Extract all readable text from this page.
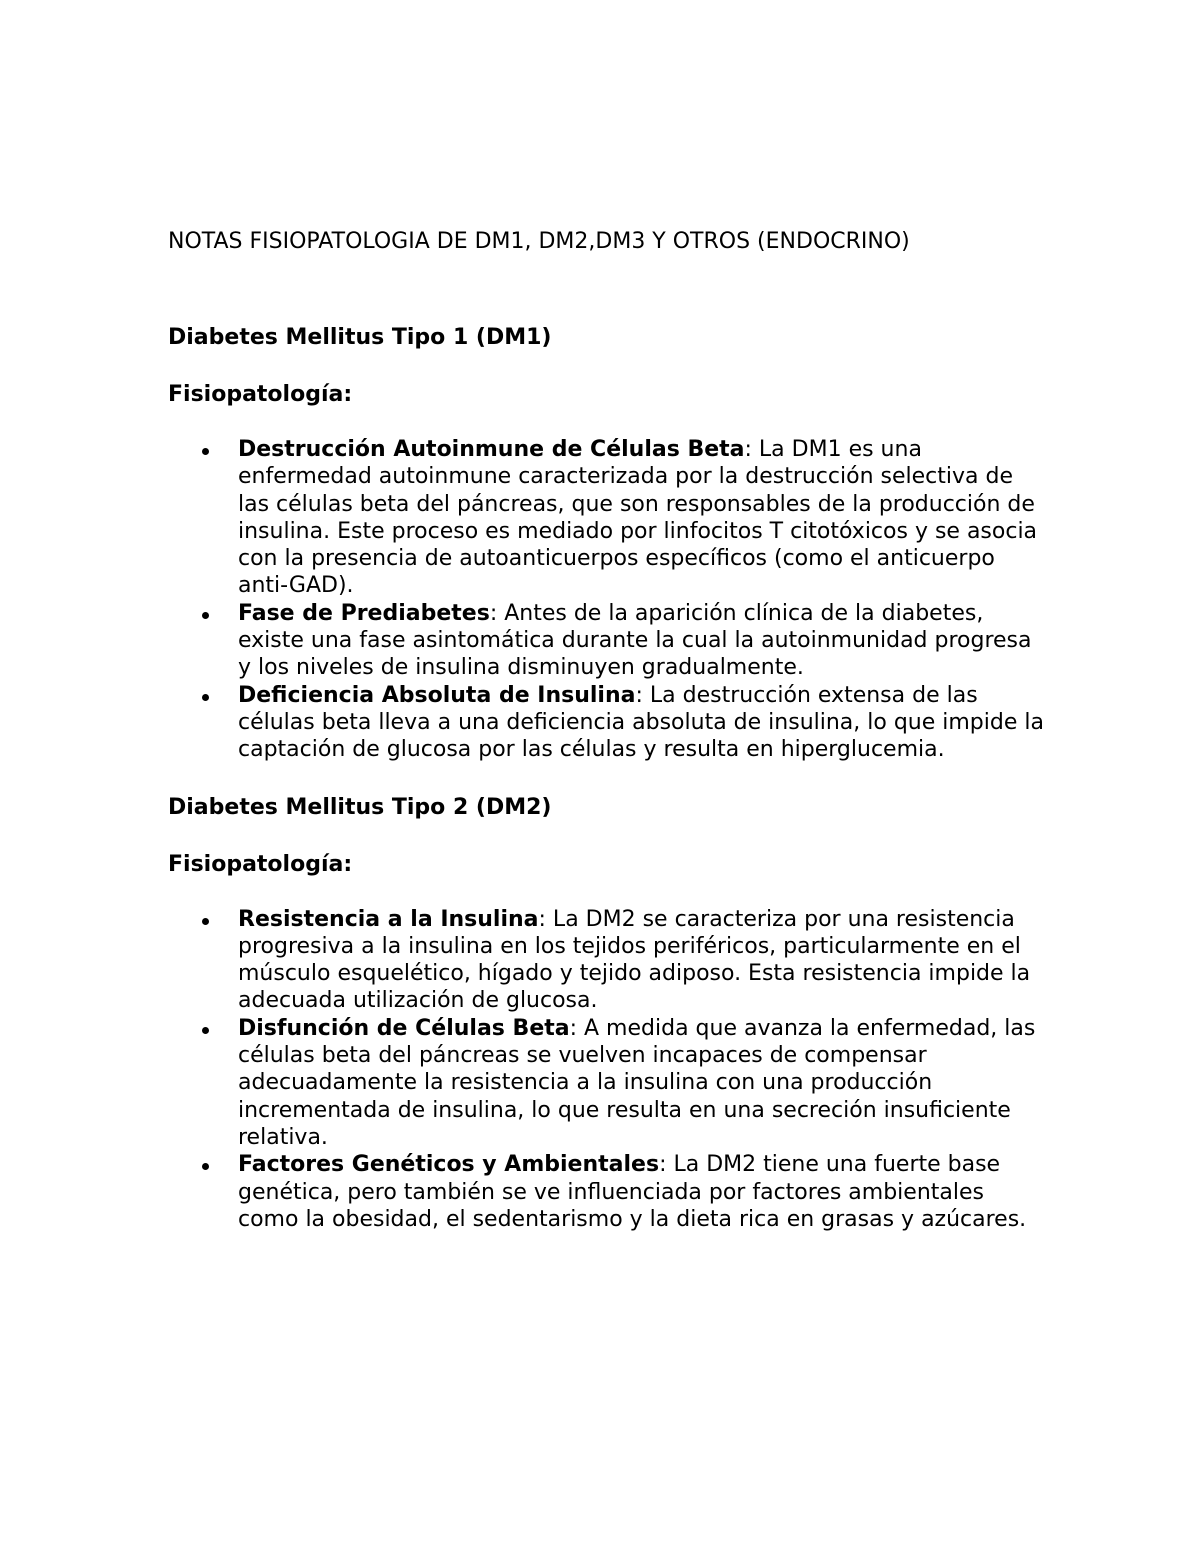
NOTAS FISIOPATOLOGIA DE DM1, DM2,DM3 Y OTROS (ENDOCRINO)

Diabetes Mellitus Tipo 1 (DM1)

Fisiopatología:

Destrucción Autoinmune de Células Beta: La DM1 es una enfermedad autoinmune caracterizada por la destrucción selectiva de las células beta del páncreas, que son responsables de la producción de insulina. Este proceso es mediado por linfocitos T citotóxicos y se asocia con la presencia de autoanticuerpos específicos (como el anticuerpo anti-GAD).
Fase de Prediabetes: Antes de la aparición clínica de la diabetes, existe una fase asintomática durante la cual la autoinmunidad progresa y los niveles de insulina disminuyen gradualmente.
Deficiencia Absoluta de Insulina: La destrucción extensa de las células beta lleva a una deficiencia absoluta de insulina, lo que impide la captación de glucosa por las células y resulta en hiperglucemia.

Diabetes Mellitus Tipo 2 (DM2)

Fisiopatología:

Resistencia a la Insulina: La DM2 se caracteriza por una resistencia progresiva a la insulina en los tejidos periféricos, particularmente en el músculo esquelético, hígado y tejido adiposo. Esta resistencia impide la adecuada utilización de glucosa.
Disfunción de Células Beta: A medida que avanza la enfermedad, las células beta del páncreas se vuelven incapaces de compensar adecuadamente la resistencia a la insulina con una producción incrementada de insulina, lo que resulta en una secreción insuficiente relativa.
Factores Genéticos y Ambientales: La DM2 tiene una fuerte base genética, pero también se ve influenciada por factores ambientales como la obesidad, el sedentarismo y la dieta rica en grasas y azúcares.
